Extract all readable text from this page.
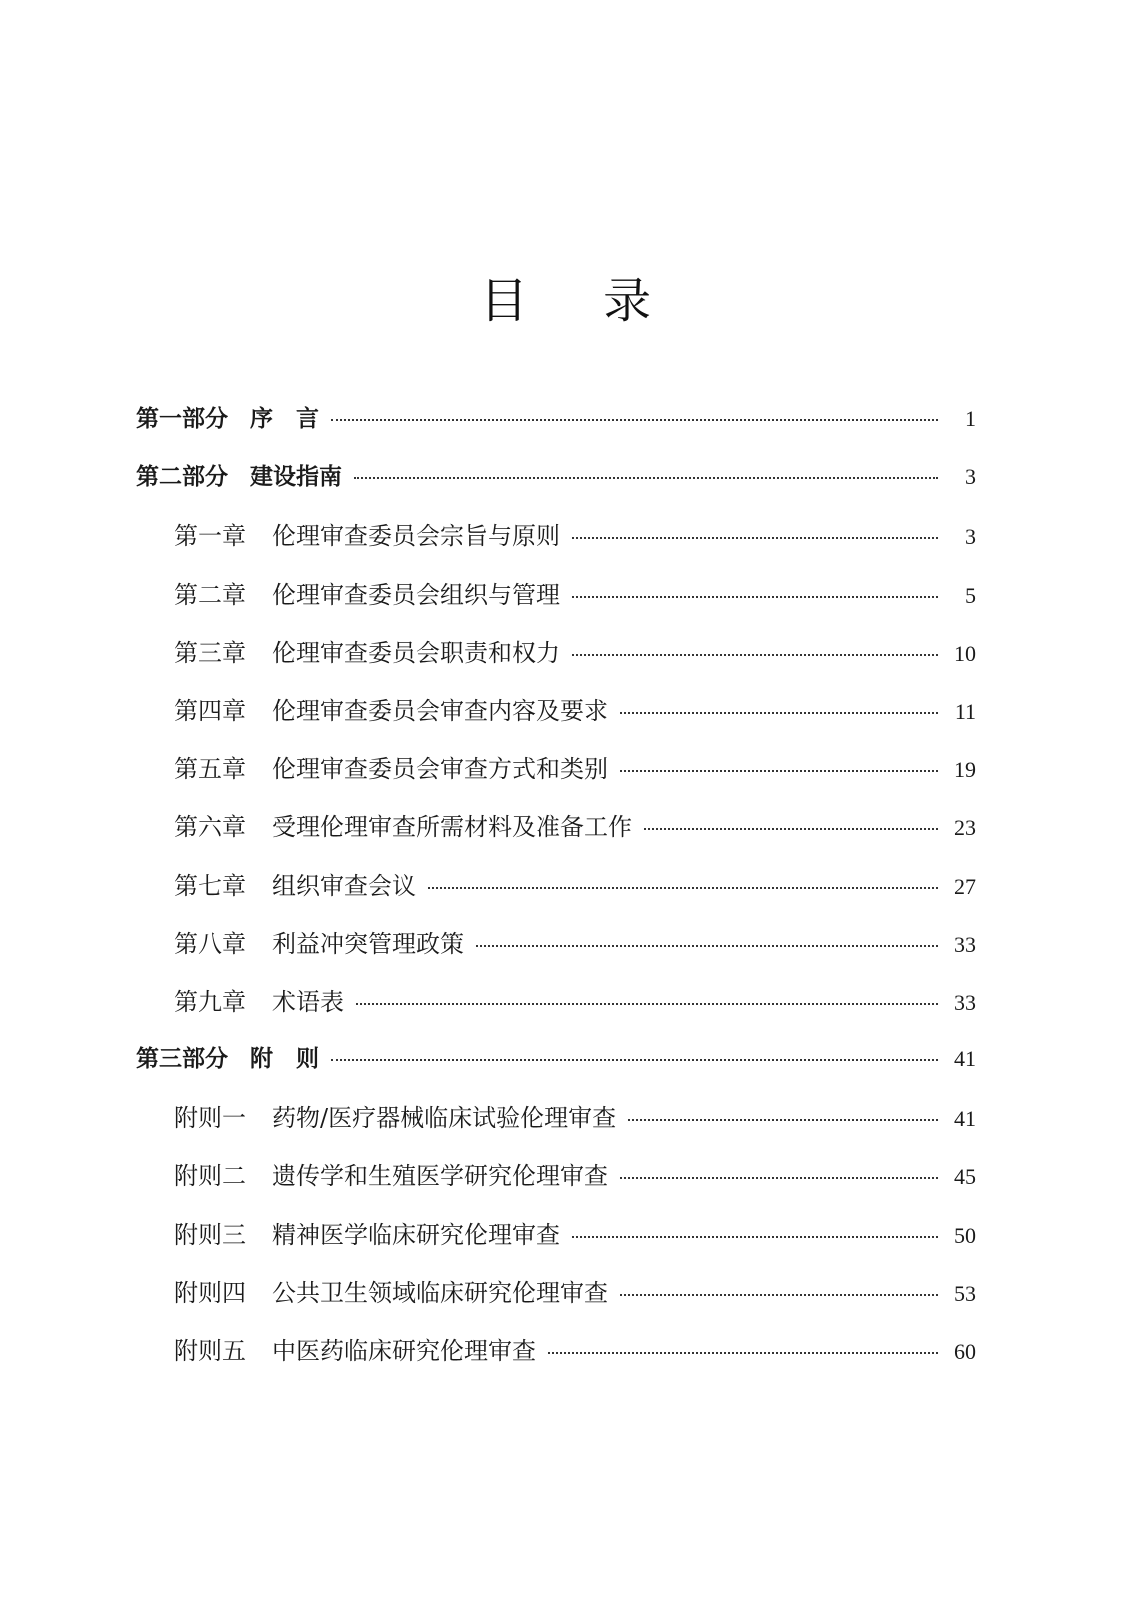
目 录
第一部分 序　言	1
第二部分 建设指南	3
第一章 伦理审查委员会宗旨与原则	3
第二章 伦理审查委员会组织与管理	5
第三章 伦理审查委员会职责和权力	10
第四章 伦理审查委员会审查内容及要求	11
第五章 伦理审查委员会审查方式和类别	19
第六章 受理伦理审查所需材料及准备工作	23
第七章 组织审查会议	27
第八章 利益冲突管理政策	33
第九章 术语表	33
第三部分 附　则	41
附则一 药物/医疗器械临床试验伦理审查	41
附则二 遗传学和生殖医学研究伦理审查	45
附则三 精神医学临床研究伦理审查	50
附则四 公共卫生领域临床研究伦理审查	53
附则五 中医药临床研究伦理审查	60
